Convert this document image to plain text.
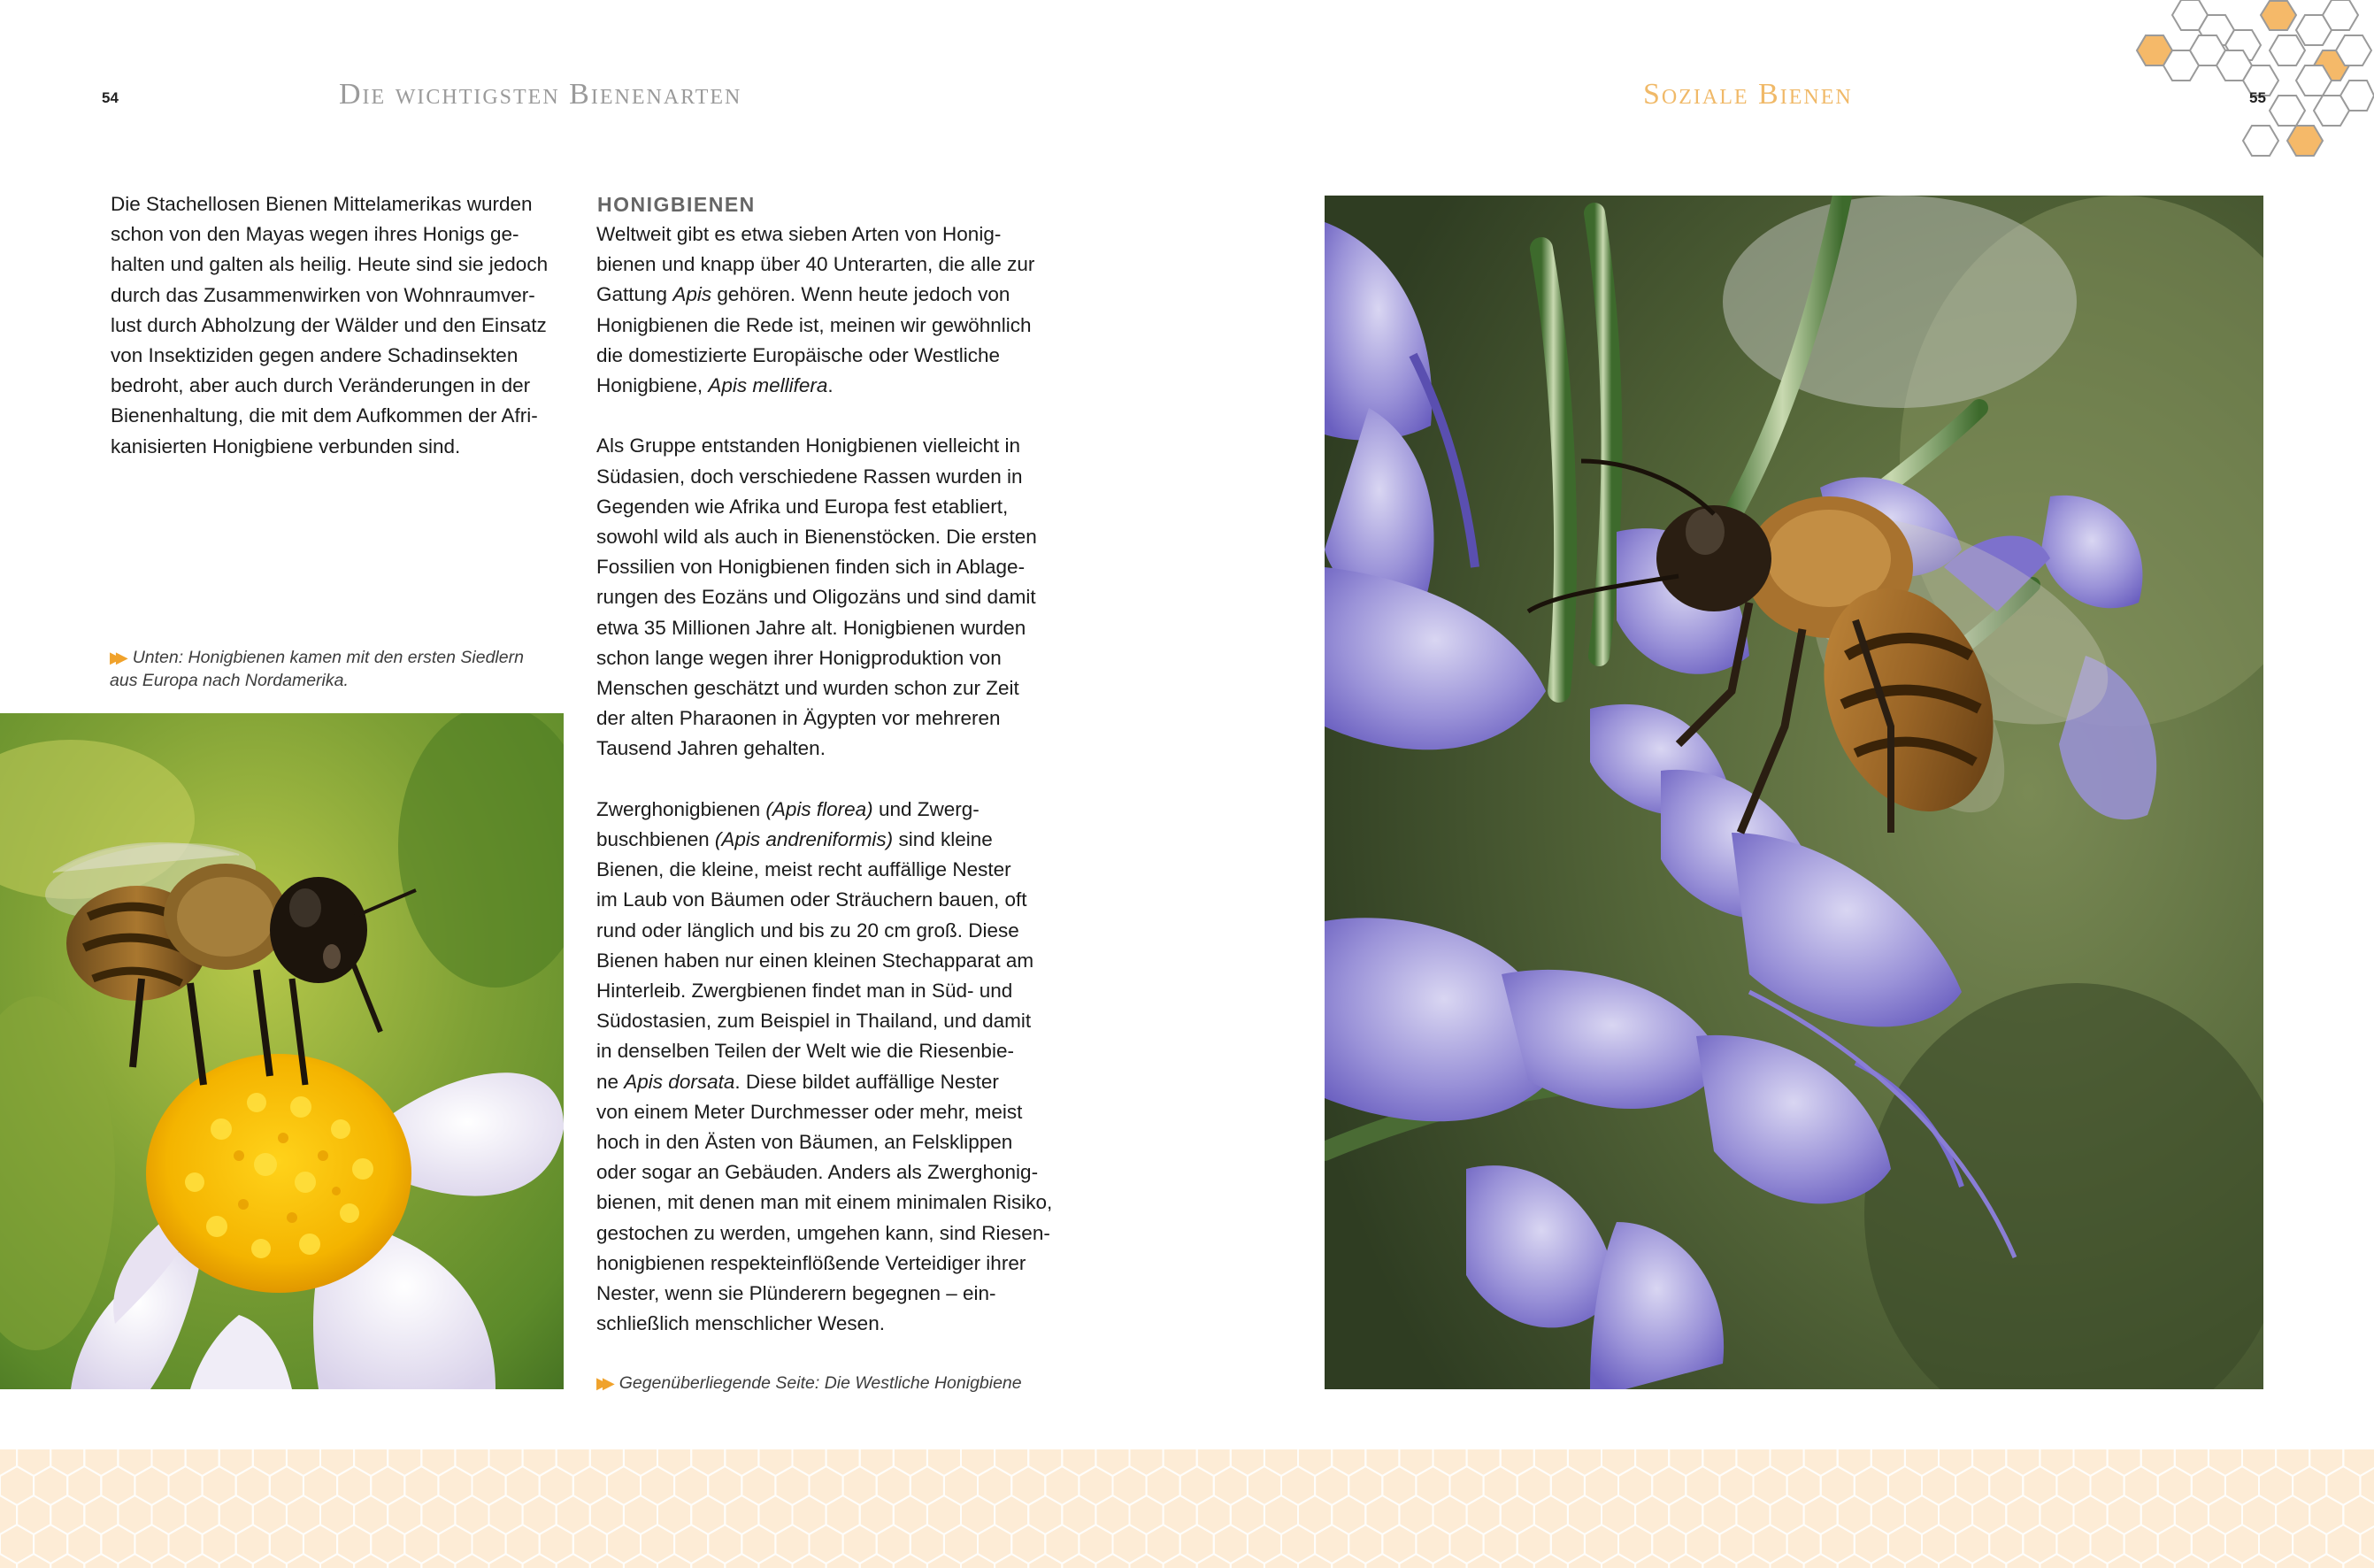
54	Die wichtigsten Bienenarten

Die Stachellosen Bienen Mittelamerikas wurden
schon von den Mayas wegen ihres Honigs ge-
halten und galten als heilig. Heute sind sie jedoch
durch das Zusammenwirken von Wohnraumver-
lust durch Abholzung der Wälder und den Einsatz
von Insektiziden gegen andere Schadinsekten
bedroht, aber auch durch Veränderungen in der
Bienenhaltung, die mit dem Aufkommen der Afri-
kanisierten Honigbiene verbunden sind.

▶▶ Unten: Honigbienen kamen mit den ersten Siedlern
aus Europa nach Nordamerika.
HONIGBIENEN

Weltweit gibt es etwa sieben Arten von Honig-
bienen und knapp über 40 Unterarten, die alle zur
Gattung Apis gehören. Wenn heute jedoch von
Honigbienen die Rede ist, meinen wir gewöhnlich
die domestizierte Europäische oder Westliche
Honigbiene, Apis mellifera.

Als Gruppe entstanden Honigbienen vielleicht in
Südasien, doch verschiedene Rassen wurden in
Gegenden wie Afrika und Europa fest etabliert,
sowohl wild als auch in Bienenstöcken. Die ersten
Fossilien von Honigbienen finden sich in Ablage-
rungen des Eozäns und Oligozäns und sind damit
etwa 35 Millionen Jahre alt. Honigbienen wurden
schon lange wegen ihrer Honigproduktion von
Menschen geschätzt und wurden schon zur Zeit
der alten Pharaonen in Ägypten vor mehreren
Tausend Jahren gehalten.

Zwerghonigbienen (Apis florea) und Zwerg-
buschbienen (Apis andreniformis) sind kleine
Bienen, die kleine, meist recht auffällige Nester
im Laub von Bäumen oder Sträuchern bauen, oft
rund oder länglich und bis zu 20 cm groß. Diese
Bienen haben nur einen kleinen Stechapparat am
Hinterleib. Zwergbienen findet man in Süd- und
Südostasien, zum Beispiel in Thailand, und damit
in denselben Teilen der Welt wie die Riesenbie-
ne Apis dorsata. Diese bildet auffällige Nester
von einem Meter Durchmesser oder mehr, meist
hoch in den Ästen von Bäumen, an Felsklippen
oder sogar an Gebäuden. Anders als Zwerghonig-
bienen, mit denen man mit einem minimalen Risiko,
gestochen zu werden, umgehen kann, sind Riesen-
honigbienen respekteinflößende Verteidiger ihrer
Nester, wenn sie Plünderern begegnen – ein-
schließlich menschlicher Wesen.

▶▶ Gegenüberliegende Seite: Die Westliche Honigbiene
Soziale Bienen	55
